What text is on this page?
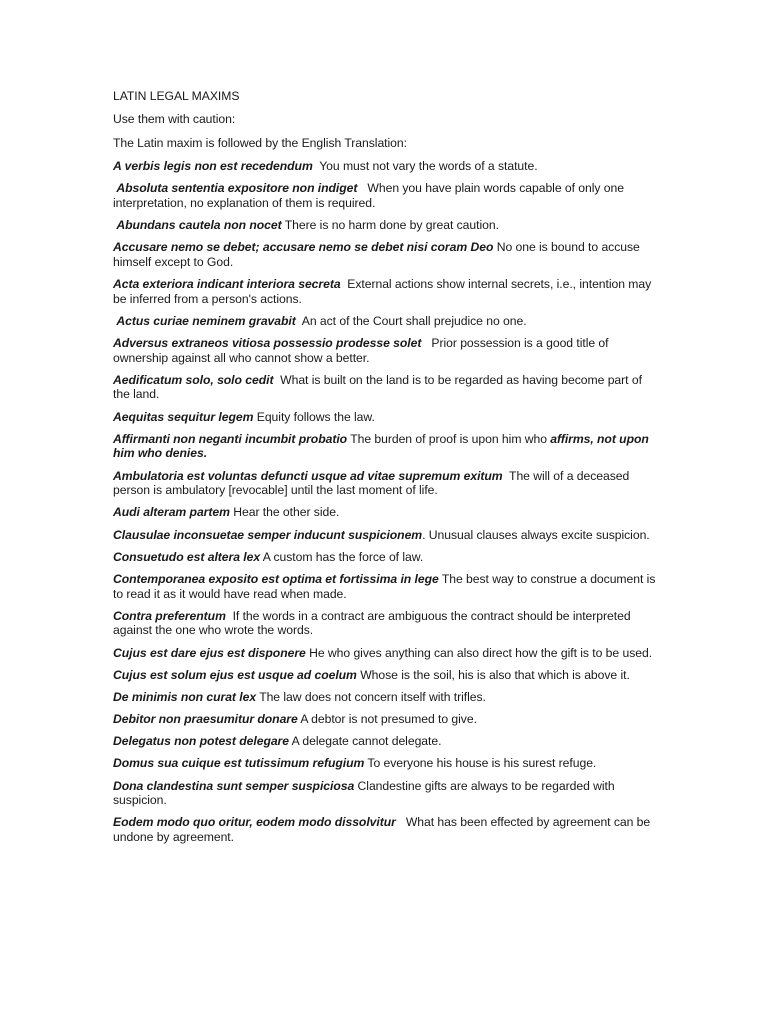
LATIN LEGAL MAXIMS
Use them with caution:
The Latin maxim is followed by the English Translation:
A verbis legis non est recedendum You must not vary the words of a statute.
Absoluta sententia expositore non indiget When you have plain words capable of only one interpretation, no explanation of them is required.
Abundans cautela non nocet There is no harm done by great caution.
Accusare nemo se debet; accusare nemo se debet nisi coram Deo No one is bound to accuse himself except to God.
Acta exteriora indicant interiora secreta External actions show internal secrets, i.e., intention may be inferred from a person's actions.
Actus curiae neminem gravabit An act of the Court shall prejudice no one.
Adversus extraneos vitiosa possessio prodesse solet Prior possession is a good title of ownership against all who cannot show a better.
Aedificatum solo, solo cedit What is built on the land is to be regarded as having become part of the land.
Aequitas sequitur legem Equity follows the law.
Affirmanti non neganti incumbit probatio The burden of proof is upon him who affirms, not upon him who denies.
Ambulatoria est voluntas defuncti usque ad vitae supremum exitum The will of a deceased person is ambulatory [revocable] until the last moment of life.
Audi alteram partem Hear the other side.
Clausulae inconsuetae semper inducunt suspicionem. Unusual clauses always excite suspicion.
Consuetudo est altera lex A custom has the force of law.
Contemporanea exposito est optima et fortissima in lege The best way to construe a document is to read it as it would have read when made.
Contra preferentum If the words in a contract are ambiguous the contract should be interpreted against the one who wrote the words.
Cujus est dare ejus est disponere He who gives anything can also direct how the gift is to be used.
Cujus est solum ejus est usque ad coelum Whose is the soil, his is also that which is above it.
De minimis non curat lex The law does not concern itself with trifles.
Debitor non praesumitur donare A debtor is not presumed to give.
Delegatus non potest delegare A delegate cannot delegate.
Domus sua cuique est tutissimum refugium To everyone his house is his surest refuge.
Dona clandestina sunt semper suspiciosa Clandestine gifts are always to be regarded with suspicion.
Eodem modo quo oritur, eodem modo dissolvitur What has been effected by agreement can be undone by agreement.
